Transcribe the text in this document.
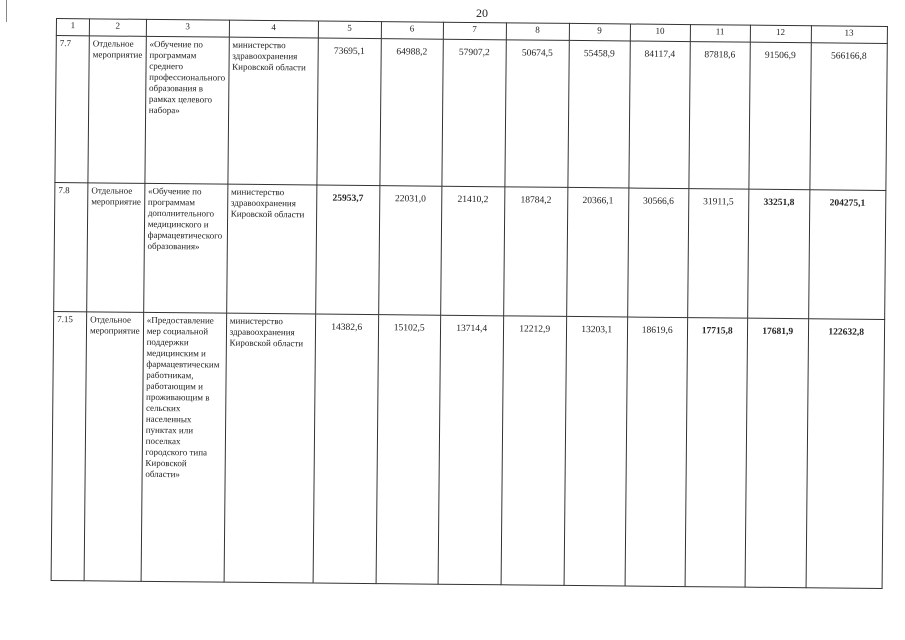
20
1	2	3	4	5	6	7	8	9	10	11	12	13
7.7	Отдельное мероприятие	«Обучение по программам среднего профессионального образования в рамках целевого набора»	министерство здравоохранения Кировской области	73695,1	64988,2	57907,2	50674,5	55458,9	84117,4	87818,6	91506,9	566166,8
7.8	Отдельное мероприятие	«Обучение по программам дополнительного медицинского и фармацевтического образования»	министерство здравоохранения Кировской области	25953,7	22031,0	21410,2	18784,2	20366,1	30566,6	31911,5	33251,8	204275,1
7.15	Отдельное мероприятие	«Предоставление мер социальной поддержки медицинским и фармацевтическим работникам, работающим и проживающим в сельских населенных пунктах или поселках городского типа Кировской области»	министерство здравоохранения Кировской области	14382,6	15102,5	13714,4	12212,9	13203,1	18619,6	17715,8	17681,9	122632,8
